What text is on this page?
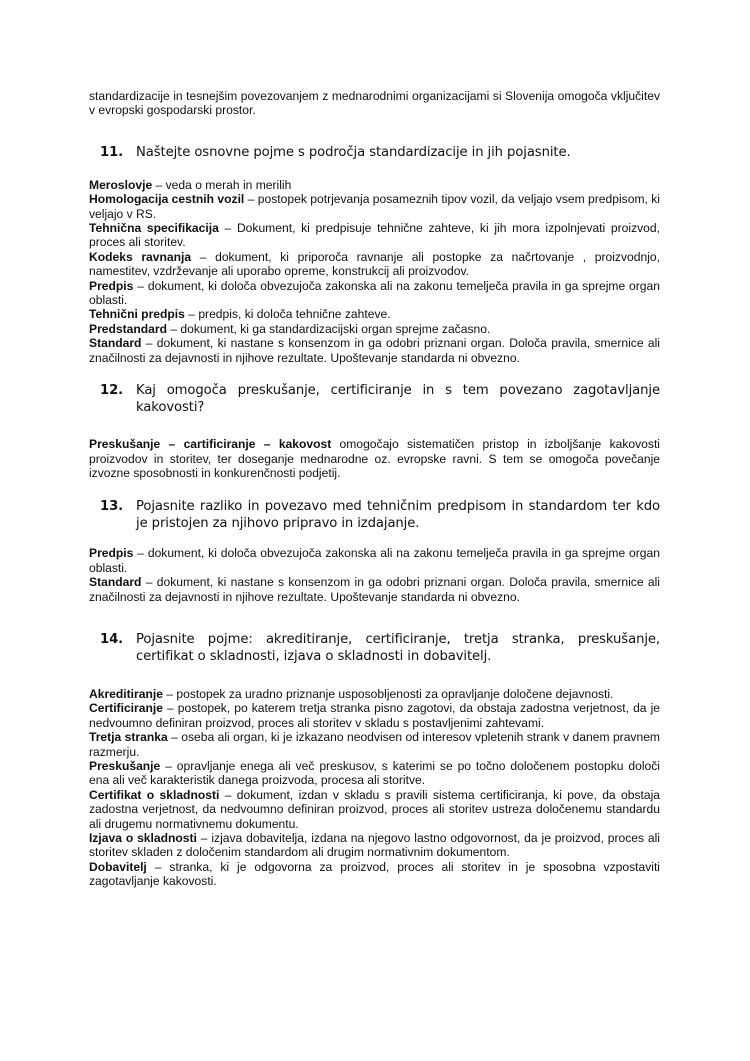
standardizacije in tesnejšim povezovanjem z mednarodnimi organizacijami si Slovenija omogoča vključitev v evropski gospodarski prostor.

11. Naštejte osnovne pojme s področja standardizacije in jih pojasnite.

Meroslovje – veda o merah in merilih

Homologacija cestnih vozil – postopek potrjevanja posameznih tipov vozil, da veljajo vsem predpisom, ki veljajo v RS.

Tehnična specifikacija – Dokument, ki predpisuje tehnične zahteve, ki jih mora izpolnjevati proizvod, proces ali storitev.

Kodeks ravnanja – dokument, ki priporoča ravnanje ali postopke za načrtovanje , proizvodnjo, namestitev, vzdrževanje ali uporabo opreme, konstrukcij ali proizvodov.

Predpis – dokument, ki določa obvezujoča zakonska ali na zakonu temelječa pravila in ga sprejme organ oblasti.

Tehnični predpis – predpis, ki določa tehnične zahteve.

Predstandard – dokument, ki ga standardizacijski organ sprejme začasno.

Standard – dokument, ki nastane s konsenzom in ga odobri priznani organ. Določa pravila, smernice ali značilnosti za dejavnosti in njihove rezultate. Upoštevanje standarda ni obvezno.

12. Kaj omogoča preskušanje, certificiranje in s tem povezano zagotavljanje kakovosti?

Preskušanje – cartificiranje – kakovost omogočajo sistematičen pristop in izboljšanje kakovosti proizvodov in storitev, ter doseganje mednarodne oz. evropske ravni. S tem se omogoča povečanje izvozne sposobnosti in konkurenčnosti podjetij.

13. Pojasnite razliko in povezavo med tehničnim predpisom in standardom ter kdo je pristojen za njihovo pripravo in izdajanje.

Predpis – dokument, ki določa obvezujoča zakonska ali na zakonu temelječa pravila in ga sprejme organ oblasti.

Standard – dokument, ki nastane s konsenzom in ga odobri priznani organ. Določa pravila, smernice ali značilnosti za dejavnosti in njihove rezultate. Upoštevanje standarda ni obvezno.

14. Pojasnite pojme: akreditiranje, certificiranje, tretja stranka, preskušanje, certifikat o skladnosti, izjava o skladnosti in dobavitelj.

Akreditiranje – postopek za uradno priznanje usposobljenosti za opravljanje določene dejavnosti.

Certificiranje – postopek, po katerem tretja stranka pisno zagotovi, da obstaja zadostna verjetnost, da je nedvoumno definiran proizvod, proces ali storitev v skladu s postavljenimi zahtevami.

Tretja stranka – oseba ali organ, ki je izkazano neodvisen od interesov vpletenih strank v danem pravnem razmerju.

Preskušanje – opravljanje enega ali več preskusov, s katerimi se po točno določenem postopku določi ena ali več karakteristik danega proizvoda, procesa ali storitve.

Certifikat o skladnosti – dokument, izdan v skladu s pravili sistema certificiranja, ki pove, da obstaja zadostna verjetnost, da nedvoumno definiran proizvod, proces ali storitev ustreza določenemu standardu ali drugemu normativnemu dokumentu.

Izjava o skladnosti – izjava dobavitelja, izdana na njegovo lastno odgovornost, da je proizvod, proces ali storitev skladen z določenim standardom ali drugim normativnim dokumentom.

Dobavitelj – stranka, ki je odgovorna za proizvod, proces ali storitev in je sposobna vzpostaviti zagotavljanje kakovosti.
